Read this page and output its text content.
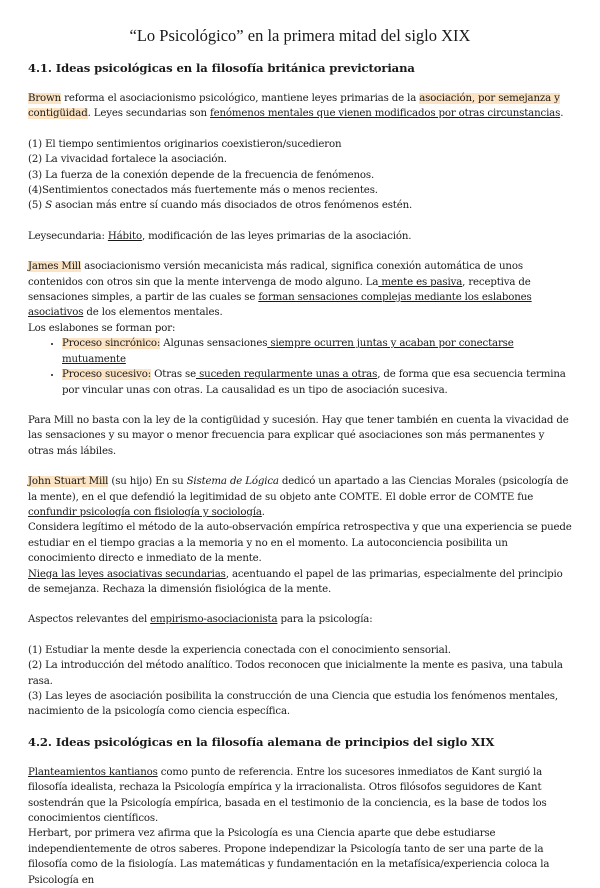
“Lo Psicológico” en la primera mitad del siglo XIX
4.1. Ideas psicológicas en la filosofía británica previctoriana

Brown reforma el asociacionismo psicológico, mantiene leyes primarias de la asociación, por semejanza y contigüidad. Leyes secundarias son fenómenos mentales que vienen modificados por otras circunstancias.

(1) El tiempo sentimientos originarios coexistieron/sucedieron

(2) La vivacidad fortalece la asociación.

(3) La fuerza de la conexión depende de la frecuencia de fenómenos.

(4)Sentimientos conectados más fuertemente más o menos recientes.

(5) S asocian más entre sí cuando más disociados de otros fenómenos estén.

Leysecundaria: Hábito, modificación de las leyes primarias de la asociación.

James Mill asociacionismo versión mecanicista más radical, significa conexión automática de unos contenidos con otros sin que la mente intervenga de modo alguno. La mente es pasiva, receptiva de sensaciones simples, a partir de las cuales se forman sensaciones complejas mediante los eslabones asociativos de los elementos mentales.

Los eslabones se forman por:

• Proceso sincrónico: Algunas sensaciones siempre ocurren juntas y acaban por conectarse mutuamente
• Proceso sucesivo: Otras se suceden regularmente unas a otras, de forma que esa secuencia termina por vincular unas con otras. La causalidad es un tipo de asociación sucesiva.

Para Mill no basta con la ley de la contigüidad y sucesión. Hay que tener también en cuenta la vivacidad de las sensaciones y su mayor o menor frecuencia para explicar qué asociaciones son más permanentes y otras más lábiles.

John Stuart Mill (su hijo) En su Sistema de Lógica dedicó un apartado a las Ciencias Morales (psicología de la mente), en el que defendió la legitimidad de su objeto ante COMTE. El doble error de COMTE fue confundir psicología con fisiología y sociología.

Considera legítimo el método de la auto-observación empírica retrospectiva y que una experiencia se puede estudiar en el tiempo gracias a la memoria y no en el momento. La autoconciencia posibilita un conocimiento directo e inmediato de la mente.

Niega las leyes asociativas secundarias, acentuando el papel de las primarias, especialmente del principio de semejanza. Rechaza la dimensión fisiológica de la mente.

Aspectos relevantes del empirismo-asociacionista para la psicología:

(1) Estudiar la mente desde la experiencia conectada con el conocimiento sensorial.

(2) La introducción del método analítico. Todos reconocen que inicialmente la mente es pasiva, una tabula rasa.

(3) Las leyes de asociación posibilita la construcción de una Ciencia que estudia los fenómenos mentales, nacimiento de la psicología como ciencia específica.

4.2. Ideas psicológicas en la filosofía alemana de principios del siglo XIX

Planteamientos kantianos como punto de referencia. Entre los sucesores inmediatos de Kant surgió la filosofía idealista, rechaza la Psicología empírica y la irracionalista. Otros filósofos seguidores de Kant sostendrán que la Psicología empírica, basada en el testimonio de la conciencia, es la base de todos los conocimientos científicos.

Herbart, por primera vez afirma que la Psicología es una Ciencia aparte que debe estudiarse independientemente de otros saberes. Propone independizar la Psicología tanto de ser una parte de la filosofía como de la fisiología. Las matemáticas y fundamentación en la metafísica/experiencia coloca la Psicología en
